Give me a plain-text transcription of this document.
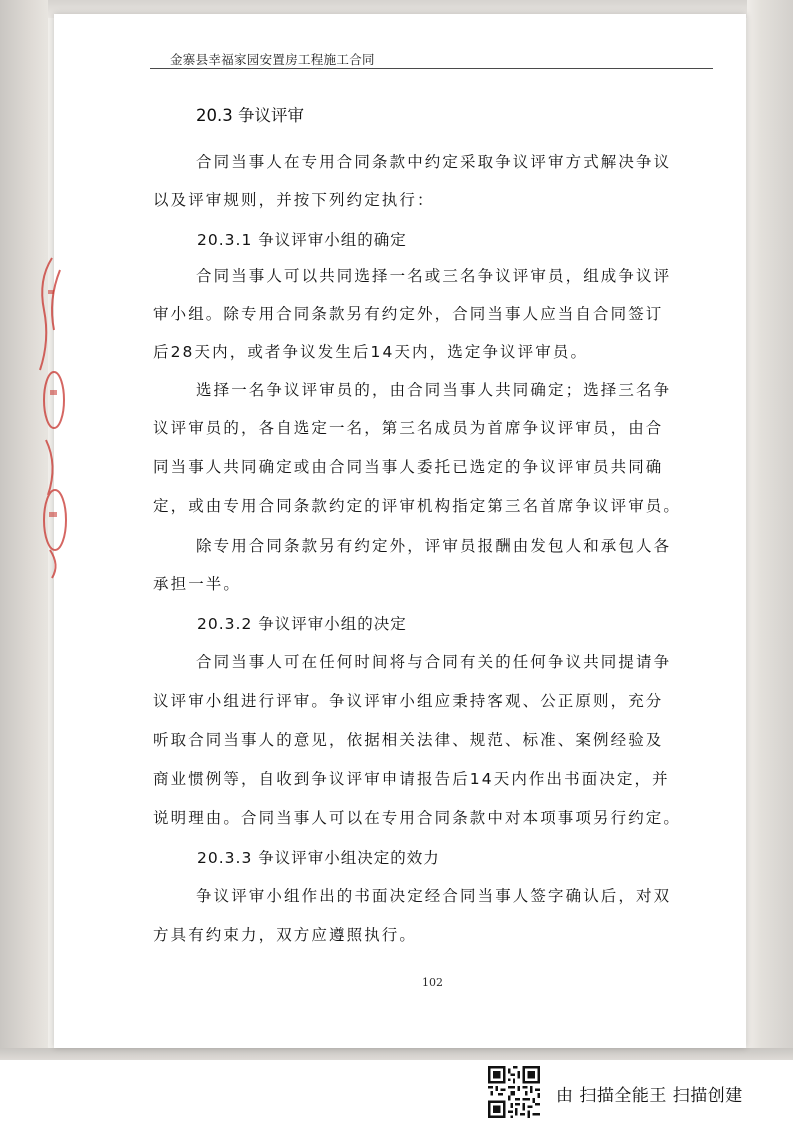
金寨县幸福家园安置房工程施工合同
20.3 争议评审
合同当事人在专用合同条款中约定采取争议评审方式解决争议
以及评审规则，并按下列约定执行：
20.3.1 争议评审小组的确定
合同当事人可以共同选择一名或三名争议评审员，组成争议评
审小组。除专用合同条款另有约定外，合同当事人应当自合同签订
后28天内，或者争议发生后14天内，选定争议评审员。
选择一名争议评审员的，由合同当事人共同确定；选择三名争
议评审员的，各自选定一名，第三名成员为首席争议评审员，由合
同当事人共同确定或由合同当事人委托已选定的争议评审员共同确
定，或由专用合同条款约定的评审机构指定第三名首席争议评审员。
除专用合同条款另有约定外，评审员报酬由发包人和承包人各
承担一半。
20.3.2 争议评审小组的决定
合同当事人可在任何时间将与合同有关的任何争议共同提请争
议评审小组进行评审。争议评审小组应秉持客观、公正原则，充分
听取合同当事人的意见，依据相关法律、规范、标准、案例经验及
商业惯例等，自收到争议评审申请报告后14天内作出书面决定，并
说明理由。合同当事人可以在专用合同条款中对本项事项另行约定。
20.3.3 争议评审小组决定的效力
争议评审小组作出的书面决定经合同当事人签字确认后，对双
方具有约束力，双方应遵照执行。
102
由 扫描全能王 扫描创建
